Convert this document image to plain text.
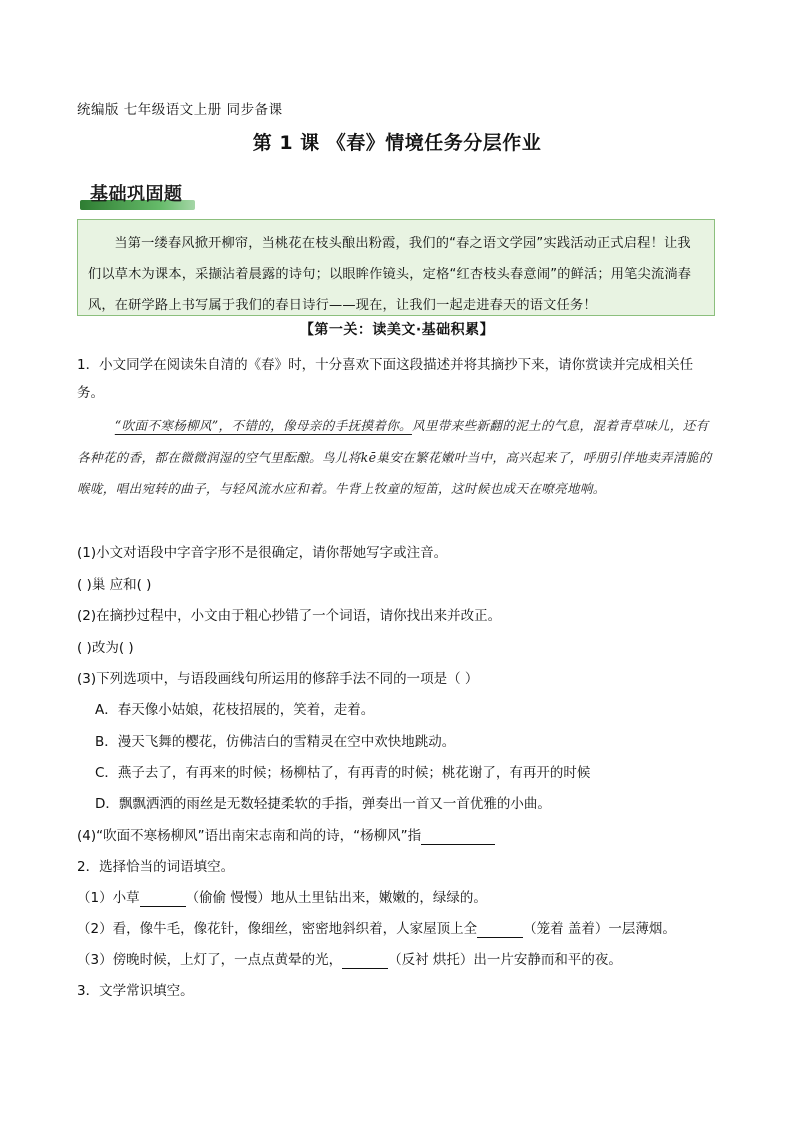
统编版 七年级语文上册 同步备课
第 1 课 《春》情境任务分层作业
基础巩固题
当第一缕春风掀开柳帘，当桃花在枝头酿出粉霞，我们的“春之语文学园”实践活动正式启程！让我们以草木为课本，采撷沾着晨露的诗句；以眼眸作镜头，定格“红杏枝头春意闹”的鲜活；用笔尖流淌春风，在研学路上书写属于我们的春日诗行——现在，让我们一起走进春天的语文任务！
【第一关：读美文·基础积累】
1．小文同学在阅读朱自清的《春》时，十分喜欢下面这段描述并将其摘抄下来，请你赏读并完成相关任务。
“吹面不寒杨柳风”，不错的，像母亲的手抚摸着你。风里带来些新翻的泥土的气息，混着青草味儿，还有各种花的香，都在微微润湿的空气里酝酿。鸟儿将kē巢安在繁花嫩叶当中，高兴起来了，呼朋引伴地卖弄清脆的喉咙，唱出宛转的曲子，与轻风流水应和着。牛背上牧童的短笛，这时候也成天在嘹亮地响。
(1)小文对语段中字音字形不是很确定，请你帮她写字或注音。
( )巢 应和( )
(2)在摘抄过程中，小文由于粗心抄错了一个词语，请你找出来并改正。
( )改为( )
(3)下列选项中，与语段画线句所运用的修辞手法不同的一项是（ ）
A．春天像小姑娘，花枝招展的，笑着，走着。
B．漫天飞舞的樱花，仿佛洁白的雪精灵在空中欢快地跳动。
C．燕子去了，有再来的时候；杨柳枯了，有再青的时候；桃花谢了，有再开的时候
D．飘飘洒洒的雨丝是无数轻捷柔软的手指，弹奏出一首又一首优雅的小曲。
(4)“吹面不寒杨柳风”语出南宋志南和尚的诗，“杨柳风”指
2．选择恰当的词语填空。
（1）小草	（偷偷 慢慢）地从土里钻出来，嫩嫩的，绿绿的。
（2）看，像牛毛，像花针，像细丝，密密地斜织着，人家屋顶上全	（笼着 盖着）一层薄烟。
（3）傍晚时候，上灯了，一点点黄晕的光，	（反衬 烘托）出一片安静而和平的夜。
3．文学常识填空。
